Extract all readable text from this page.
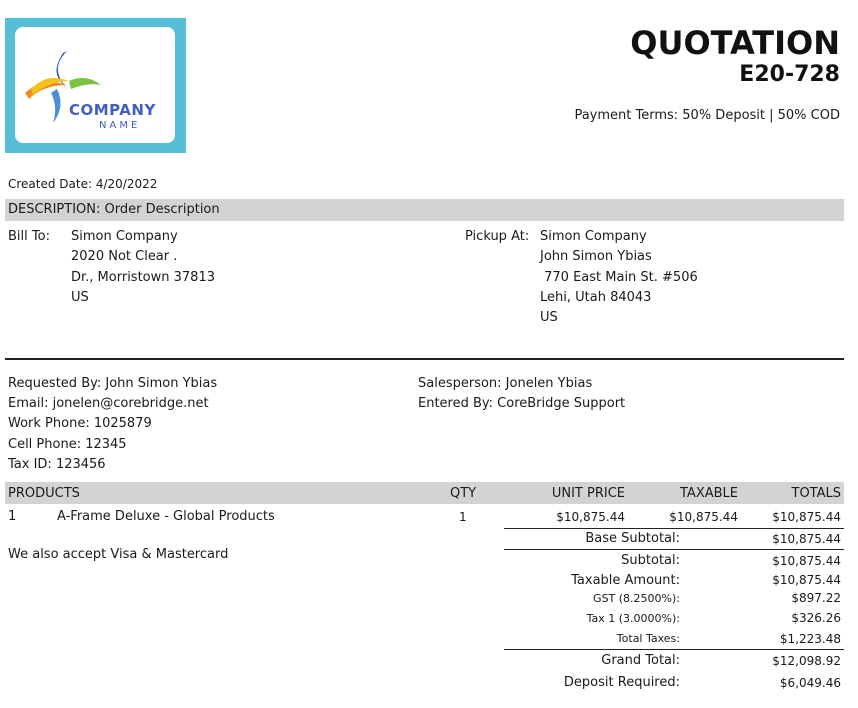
COMPANY
NAME
QUOTATION
E20-728
Payment Terms: 50% Deposit | 50% COD
Created Date: 4/20/2022
DESCRIPTION: Order Description
Bill To: Simon Company
2020 Not Clear .
Dr., Morristown 37813
US
Pickup At: Simon Company
John Simon Ybias
770 East Main St. #506
Lehi, Utah 84043
US
Requested By: John Simon Ybias
Email: jonelen@corebridge.net
Work Phone: 1025879
Cell Phone: 12345
Tax ID: 123456
Salesperson: Jonelen Ybias
Entered By: CoreBridge Support
PRODUCTS	QTY	UNIT PRICE	TAXABLE	TOTALS
1	A-Frame Deluxe - Global Products	1	$10,875.44	$10,875.44	$10,875.44
We also accept Visa & Mastercard
Base Subtotal:	$10,875.44
Subtotal:	$10,875.44
Taxable Amount:	$10,875.44
GST (8.2500%):	$897.22
Tax 1 (3.0000%):	$326.26
Total Taxes:	$1,223.48
Grand Total:	$12,098.92
Deposit Required:	$6,049.46
